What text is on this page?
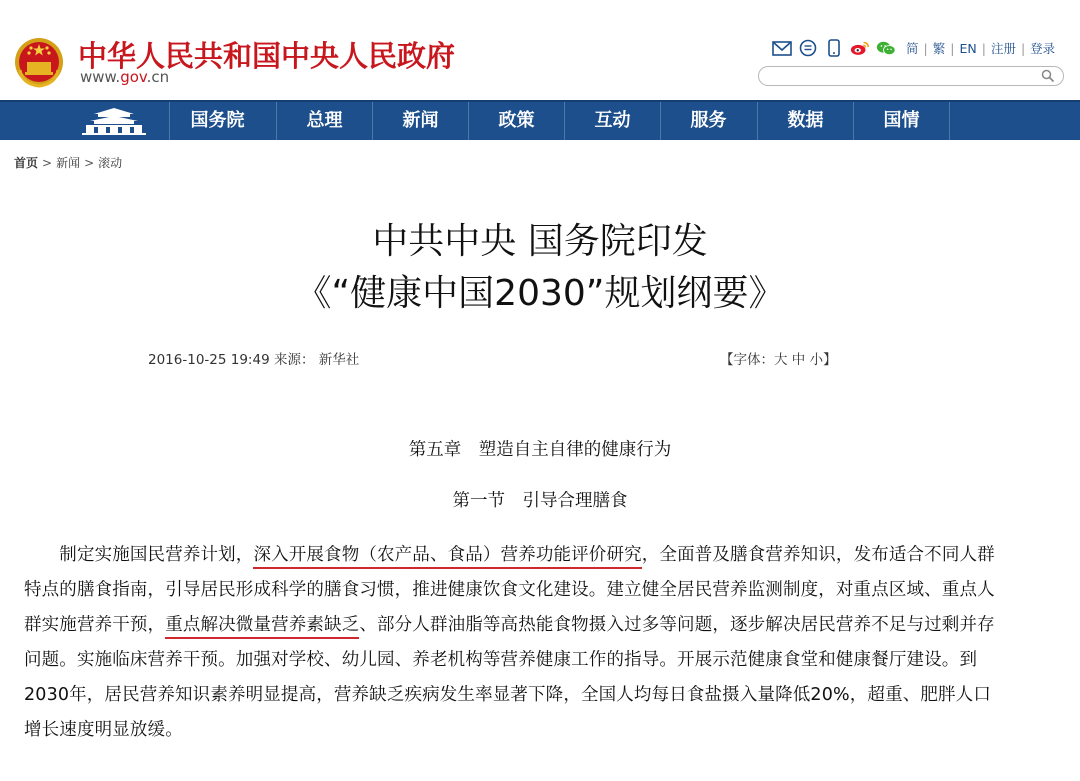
中华人民共和国中央人民政府
www.gov.cn
简 | 繁 | EN | 注册 | 登录
国务院	总理	新闻	政策	互动	服务	数据	国情
首页 > 新闻 > 滚动
中共中央 国务院印发
《“健康中国2030”规划纲要》
2016-10-25 19:49 来源： 新华社	【字体：大 中 小】
第五章　塑造自主自律的健康行为
第一节　引导合理膳食
　　制定实施国民营养计划，深入开展食物（农产品、食品）营养功能评价研究，全面普及膳食营养知识，发布适合不同人群
特点的膳食指南，引导居民形成科学的膳食习惯，推进健康饮食文化建设。建立健全居民营养监测制度，对重点区域、重点人
群实施营养干预，重点解决微量营养素缺乏、部分人群油脂等高热能食物摄入过多等问题，逐步解决居民营养不足与过剩并存
问题。实施临床营养干预。加强对学校、幼儿园、养老机构等营养健康工作的指导。开展示范健康食堂和健康餐厅建设。到
2030年，居民营养知识素养明显提高，营养缺乏疾病发生率显著下降，全国人均每日食盐摄入量降低20%，超重、肥胖人口
增长速度明显放缓。
